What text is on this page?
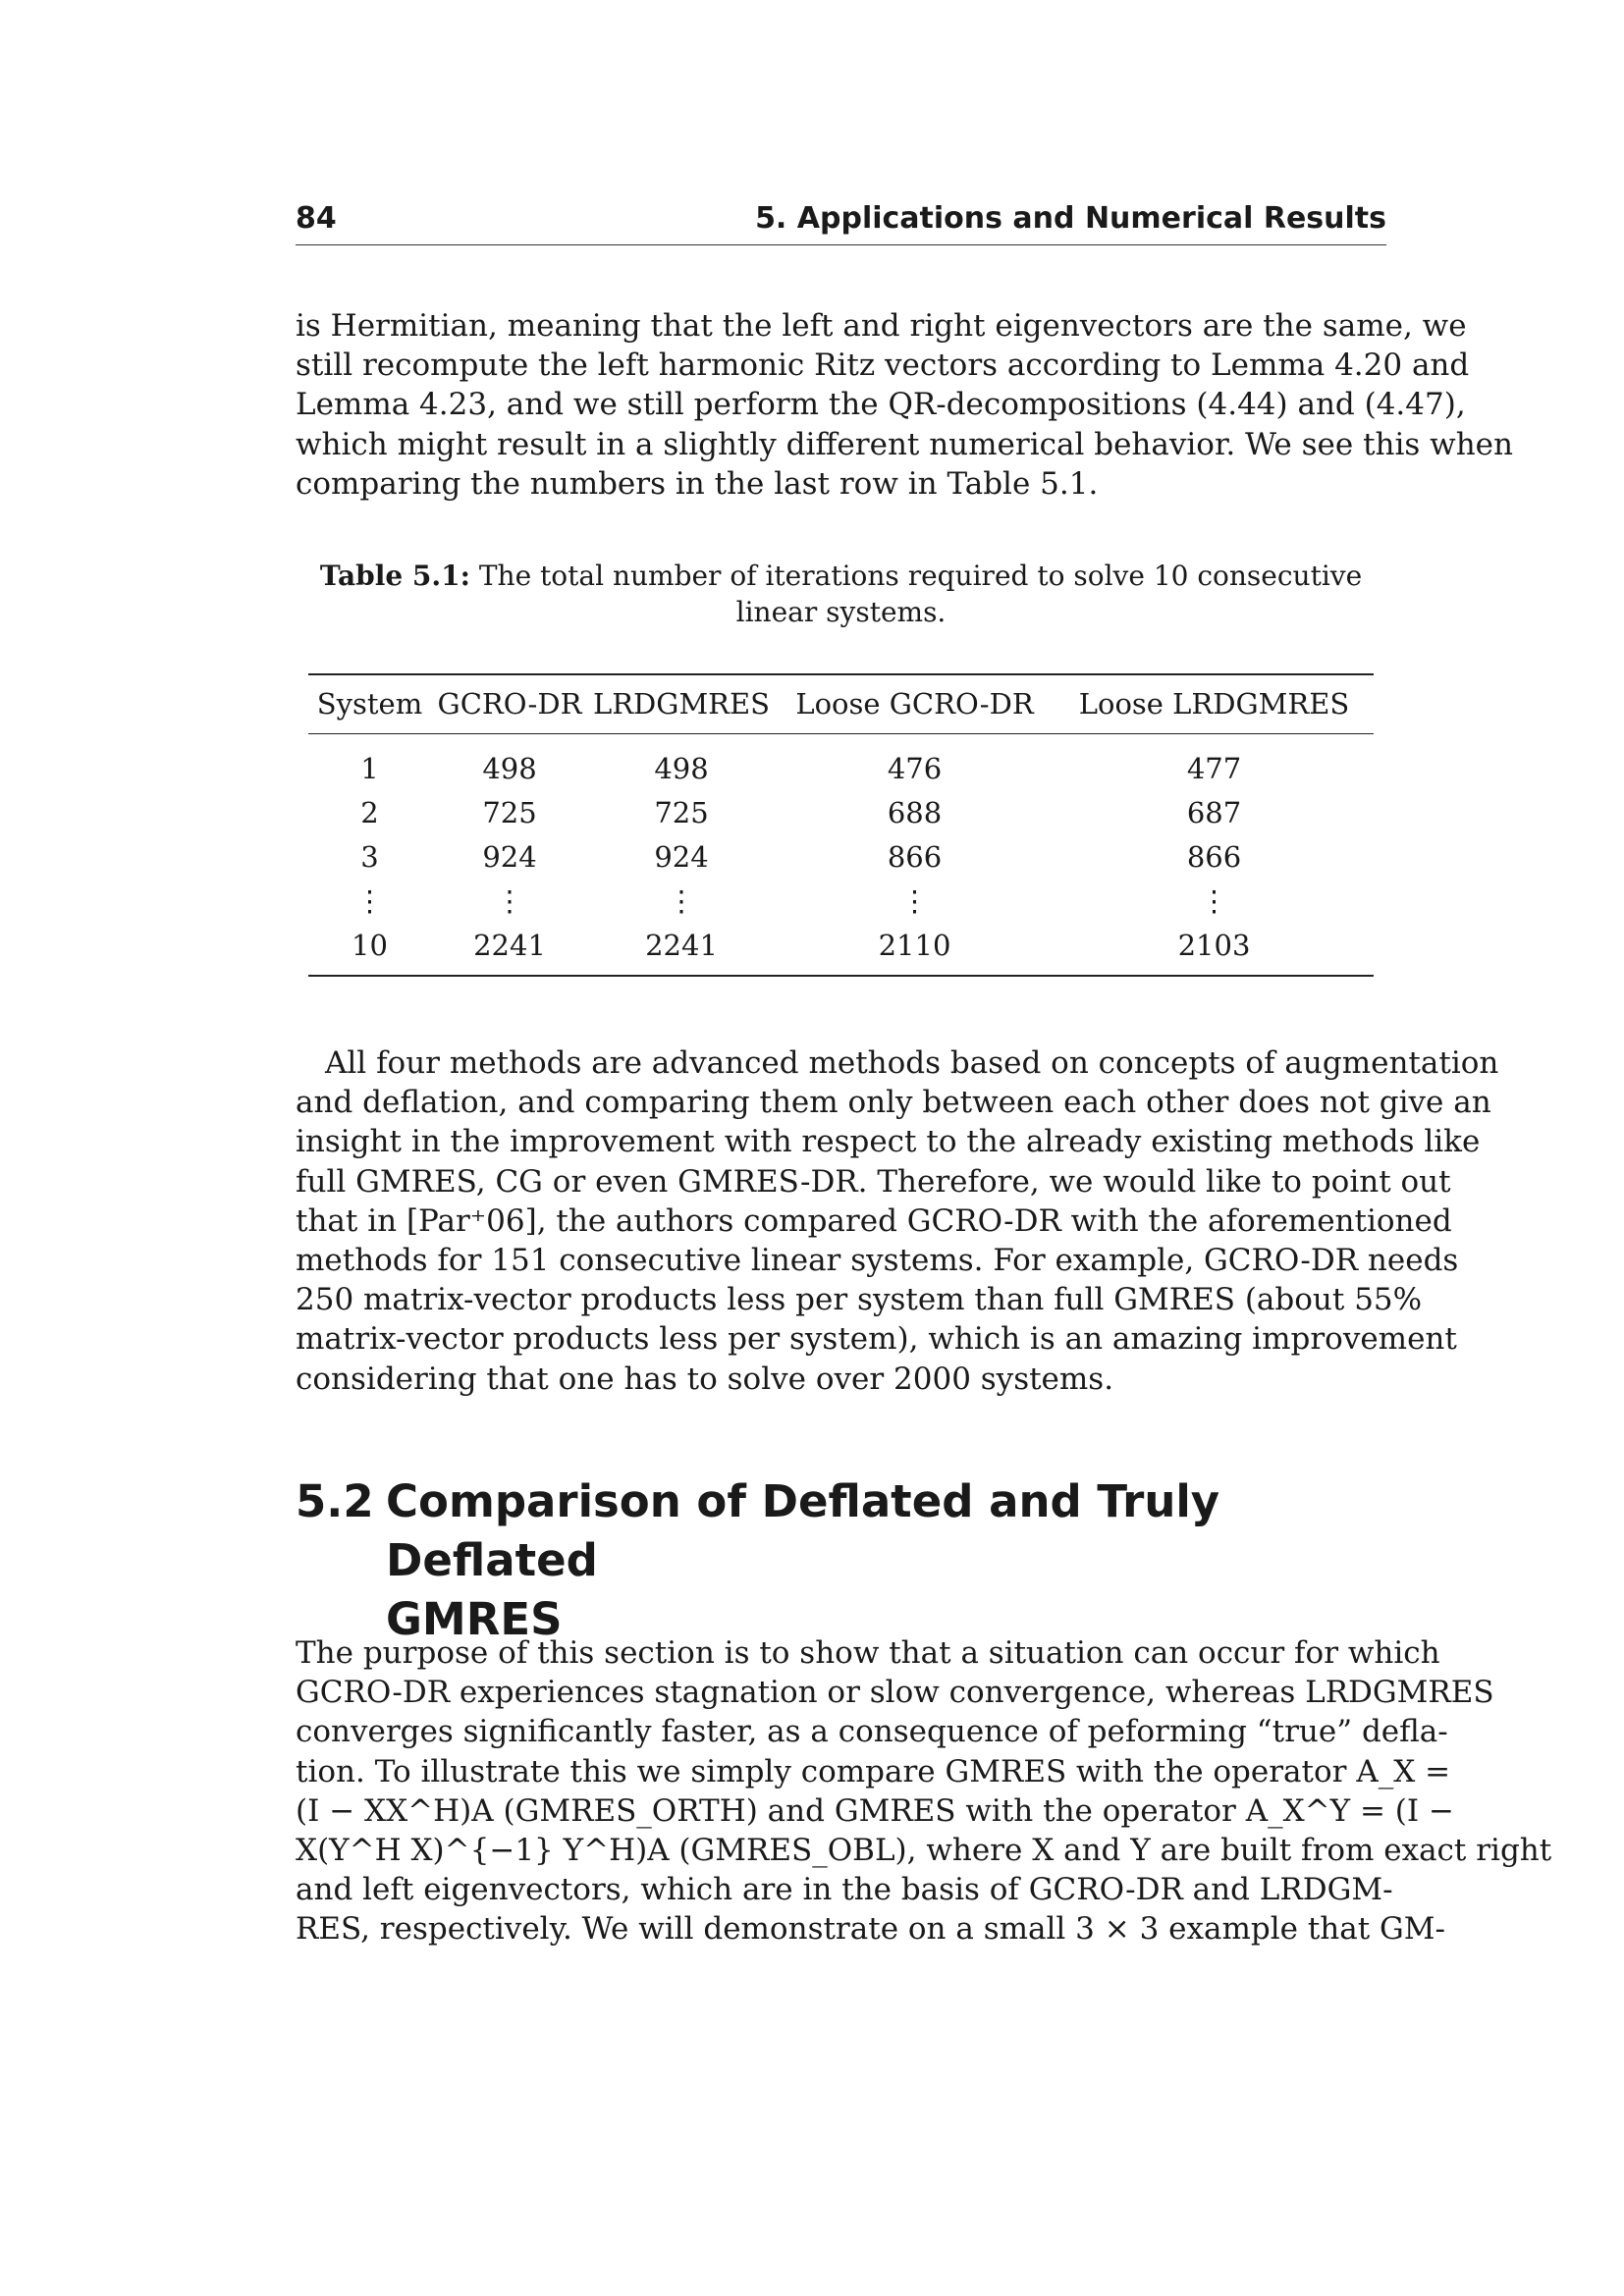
84	5. Applications and Numerical Results
is Hermitian, meaning that the left and right eigenvectors are the same, we
still recompute the left harmonic Ritz vectors according to Lemma 4.20 and
Lemma 4.23, and we still perform the QR-decompositions (4.44) and (4.47),
which might result in a slightly different numerical behavior. We see this when
comparing the numbers in the last row in Table 5.1.
Table 5.1: The total number of iterations required to solve 10 consecutive
linear systems.
System	GCRO-DR	LRDGMRES	Loose GCRO-DR	Loose LRDGMRES
1	498	498	476	477
2	725	725	688	687
3	924	924	866	866
⋮	⋮	⋮	⋮	⋮
10	2241	2241	2110	2103
All four methods are advanced methods based on concepts of augmentation
and deflation, and comparing them only between each other does not give an
insight in the improvement with respect to the already existing methods like
full GMRES, CG or even GMRES-DR. Therefore, we would like to point out
that in [Par⁺06], the authors compared GCRO-DR with the aforementioned
methods for 151 consecutive linear systems. For example, GCRO-DR needs
250 matrix-vector products less per system than full GMRES (about 55%
matrix-vector products less per system), which is an amazing improvement
considering that one has to solve over 2000 systems.
5.2 Comparison of Deflated and Truly Deflated
GMRES
The purpose of this section is to show that a situation can occur for which
GCRO-DR experiences stagnation or slow convergence, whereas LRDGMRES
converges significantly faster, as a consequence of peforming “true” defla-
tion. To illustrate this we simply compare GMRES with the operator A_X =
(I − XX^H)A (GMRES_ORTH) and GMRES with the operator A_X^Y = (I −
X(Y^H X)^{−1} Y^H)A (GMRES_OBL), where X and Y are built from exact right
and left eigenvectors, which are in the basis of GCRO-DR and LRDGM-
RES, respectively. We will demonstrate on a small 3 × 3 example that GM-
